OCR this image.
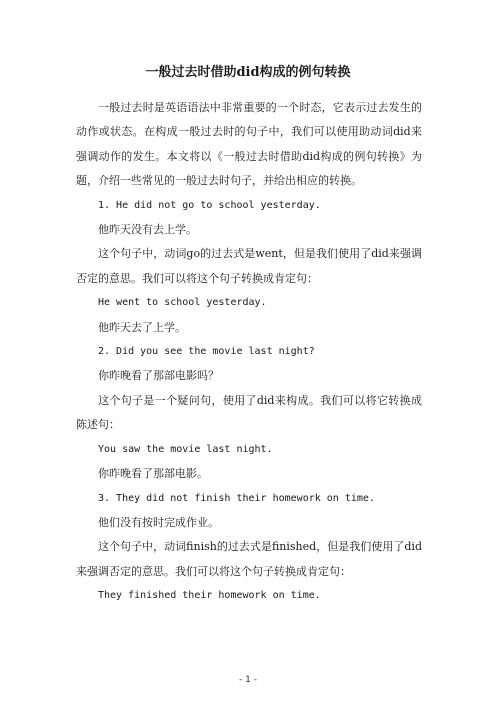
一般过去时借助did构成的例句转换

一般过去时是英语语法中非常重要的一个时态，它表示过去发生的动作或状态。在构成一般过去时的句子中，我们可以使用助动词did来强调动作的发生。本文将以《一般过去时借助did构成的例句转换》为题，介绍一些常见的一般过去时句子，并给出相应的转换。

1. He did not go to school yesterday.

他昨天没有去上学。

这个句子中，动词go的过去式是went，但是我们使用了did来强调否定的意思。我们可以将这个句子转换成肯定句：

He went to school yesterday.

他昨天去了上学。

2. Did you see the movie last night?

你昨晚看了那部电影吗？

这个句子是一个疑问句，使用了did来构成。我们可以将它转换成陈述句：

You saw the movie last night.

你昨晚看了那部电影。

3. They did not finish their homework on time.

他们没有按时完成作业。

这个句子中，动词finish的过去式是finished，但是我们使用了did来强调否定的意思。我们可以将这个句子转换成肯定句：

They finished their homework on time.

- 1 -
